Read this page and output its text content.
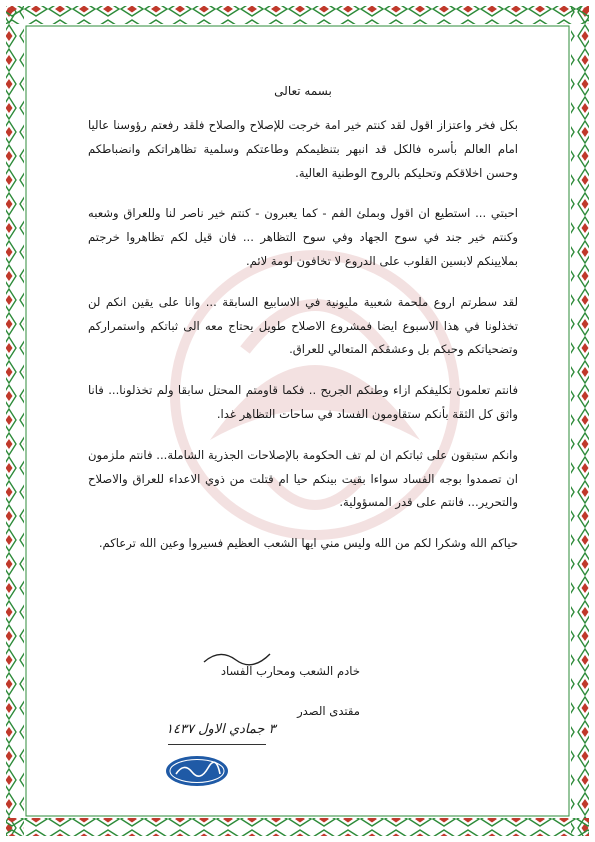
بسمه تعالى

بكل فخر واعتزاز اقول لقد كنتم خير امة خرجت للإصلاح والصلاح فلقد رفعتم رؤوسنا عاليا امام العالم بأسره فالكل قد انبهر بتنظيمكم وطاعتكم وسلمية تظاهراتكم وانضباطكم وحسن اخلاقكم وتحليكم بالروح الوطنية العالية.

احبتي ... استطيع ان اقول وبملئ الفم - كما يعبرون - كنتم خير ناصر لنا وللعراق وشعبه وكنتم خير جند في سوح الجهاد وفي سوح التظاهر ... فان قيل لكم تظاهروا خرجتم بملايينكم لابسين القلوب على الدروع لا تخافون لومة لائم.

لقد سطرتم اروع ملحمة شعبية مليونية في الاسابيع السابقة ... وانا على يقين انكم لن تخذلونا في هذا الاسبوع ايضا فمشروع الاصلاح طويل يحتاج معه الى ثباتكم واستمراركم وتضحياتكم وحبكم بل وعشقكم المتعالي للعراق.

فانتم تعلمون تكليفكم ازاء وطنكم الجريح .. فكما قاومتم المحتل سابقا ولم تخذلونا... فانا واثق كل الثقة بأنكم ستقاومون الفساد في ساحات التظاهر غدا.

وانكم ستبقون على ثباتكم ان لم تف الحكومة بالإصلاحات الجذرية الشاملة... فانتم ملزمون ان تصمدوا بوجه الفساد سواءا بقيت بينكم حيا ام قتلت من ذوي الاعداء للعراق والاصلاح والتحرير... فانتم على قدر المسؤولية.

حياكم الله وشكرا لكم من الله وليس مني ايها الشعب العظيم فسيروا وعين الله ترعاكم.

خادم الشعب ومحارب الفساد
مقتدى الصدر
٣ جمادي الاول ١٤٣٧
